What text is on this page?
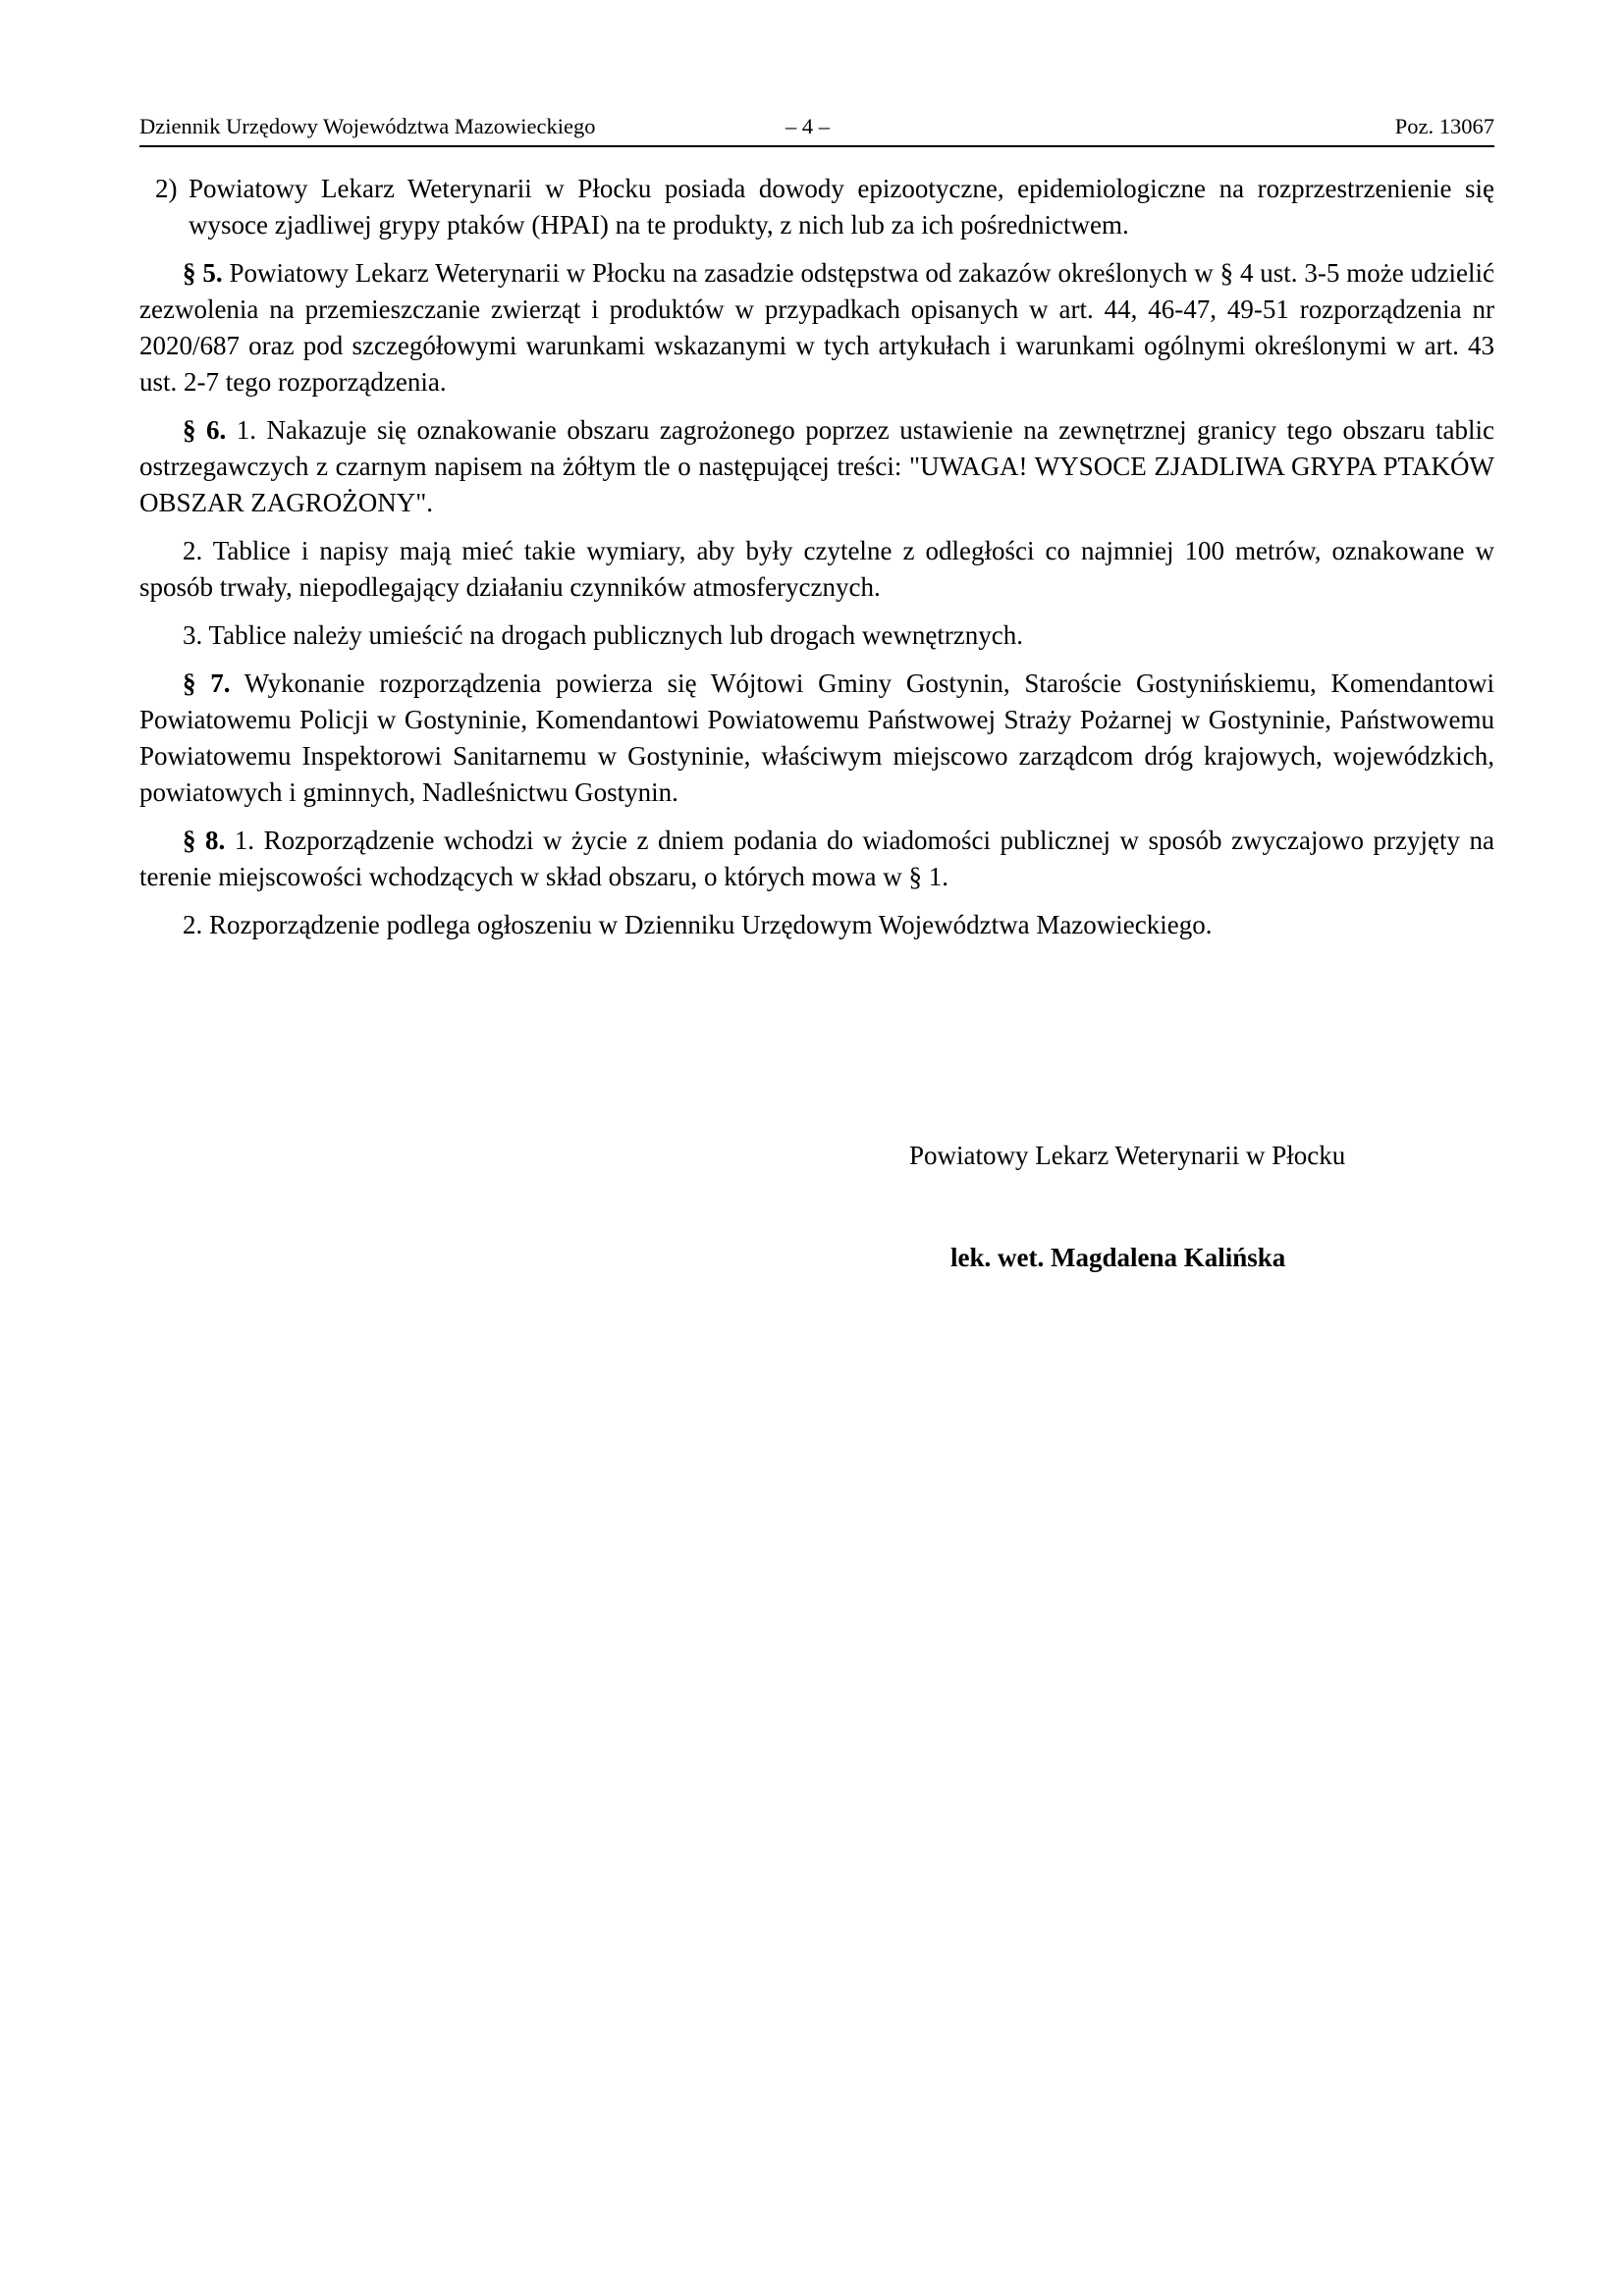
Dziennik Urzędowy Województwa Mazowieckiego	– 4 –	Poz. 13067
2) Powiatowy Lekarz Weterynarii w Płocku posiada dowody epizootyczne, epidemiologiczne na rozprzestrzenienie się wysoce zjadliwej grypy ptaków (HPAI) na te produkty, z nich lub za ich pośrednictwem.

§ 5. Powiatowy Lekarz Weterynarii w Płocku na zasadzie odstępstwa od zakazów określonych w § 4 ust. 3-5 może udzielić zezwolenia na przemieszczanie zwierząt i produktów w przypadkach opisanych w art. 44, 46-47, 49-51 rozporządzenia nr 2020/687 oraz pod szczegółowymi warunkami wskazanymi w tych artykułach i warunkami ogólnymi określonymi w art. 43 ust. 2-7 tego rozporządzenia.

§ 6. 1. Nakazuje się oznakowanie obszaru zagrożonego poprzez ustawienie na zewnętrznej granicy tego obszaru tablic ostrzegawczych z czarnym napisem na żółtym tle o następującej treści: "UWAGA! WYSOCE ZJADLIWA GRYPA PTAKÓW OBSZAR ZAGROŻONY".

2. Tablice i napisy mają mieć takie wymiary, aby były czytelne z odległości co najmniej 100 metrów, oznakowane w sposób trwały, niepodlegający działaniu czynników atmosferycznych.

3. Tablice należy umieścić na drogach publicznych lub drogach wewnętrznych.

§ 7. Wykonanie rozporządzenia powierza się Wójtowi Gminy Gostynin, Staroście Gostynińskiemu, Komendantowi Powiatowemu Policji w Gostyninie, Komendantowi Powiatowemu Państwowej Straży Pożarnej w Gostyninie, Państwowemu Powiatowemu Inspektorowi Sanitarnemu w Gostyninie, właściwym miejscowo zarządcom dróg krajowych, wojewódzkich, powiatowych i gminnych, Nadleśnictwu Gostynin.

§ 8. 1. Rozporządzenie wchodzi w życie z dniem podania do wiadomości publicznej w sposób zwyczajowo przyjęty na terenie miejscowości wchodzących w skład obszaru, o których mowa w § 1.

2. Rozporządzenie podlega ogłoszeniu w Dzienniku Urzędowym Województwa Mazowieckiego.

Powiatowy Lekarz Weterynarii w Płocku
lek. wet. Magdalena Kalińska
